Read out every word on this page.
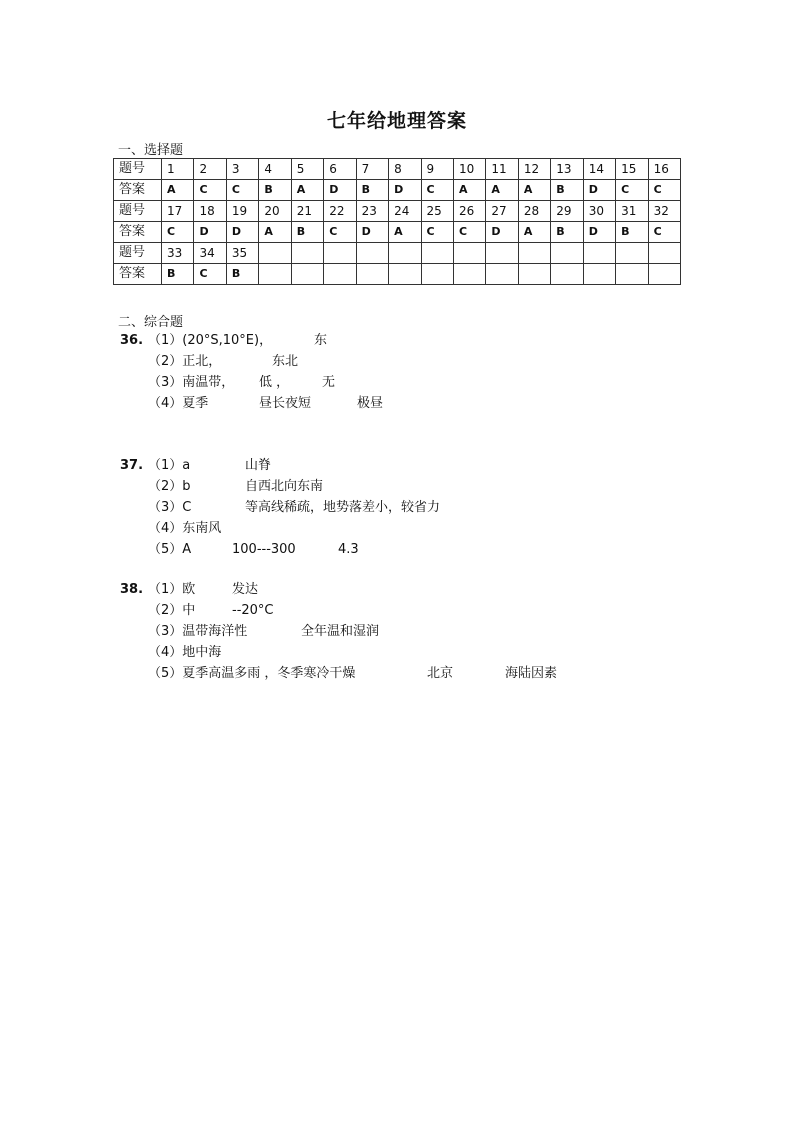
七年给地理答案
一、选择题
题号	1	2	3	4	5	6	7	8	9	10	11	12	13	14	15	16
答案	A	C	C	B	A	D	B	D	C	A	A	A	B	D	C	C
题号	17	18	19	20	21	22	23	24	25	26	27	28	29	30	31	32
答案	C	D	D	A	B	C	D	A	C	C	D	A	B	D	B	C
题号	33	34	35													
答案	B	C	B													
二、综合题
36. （1）(20°S,10°E)，	东
（2）正北，	东北
（3）南温带， 低 ，	无
（4）夏季	昼长夜短	极昼
37. （1）a	山脊
（2）b	自西北向东南
（3）C	等高线稀疏，地势落差小，较省力
（4）东南风
（5）A	100---300	4.3
38. （1）欧	发达
（2）中	--20°C
（3）温带海洋性	全年温和湿润
（4）地中海
（5）夏季高温多雨 ，冬季寒冷干燥	北京	海陆因素
